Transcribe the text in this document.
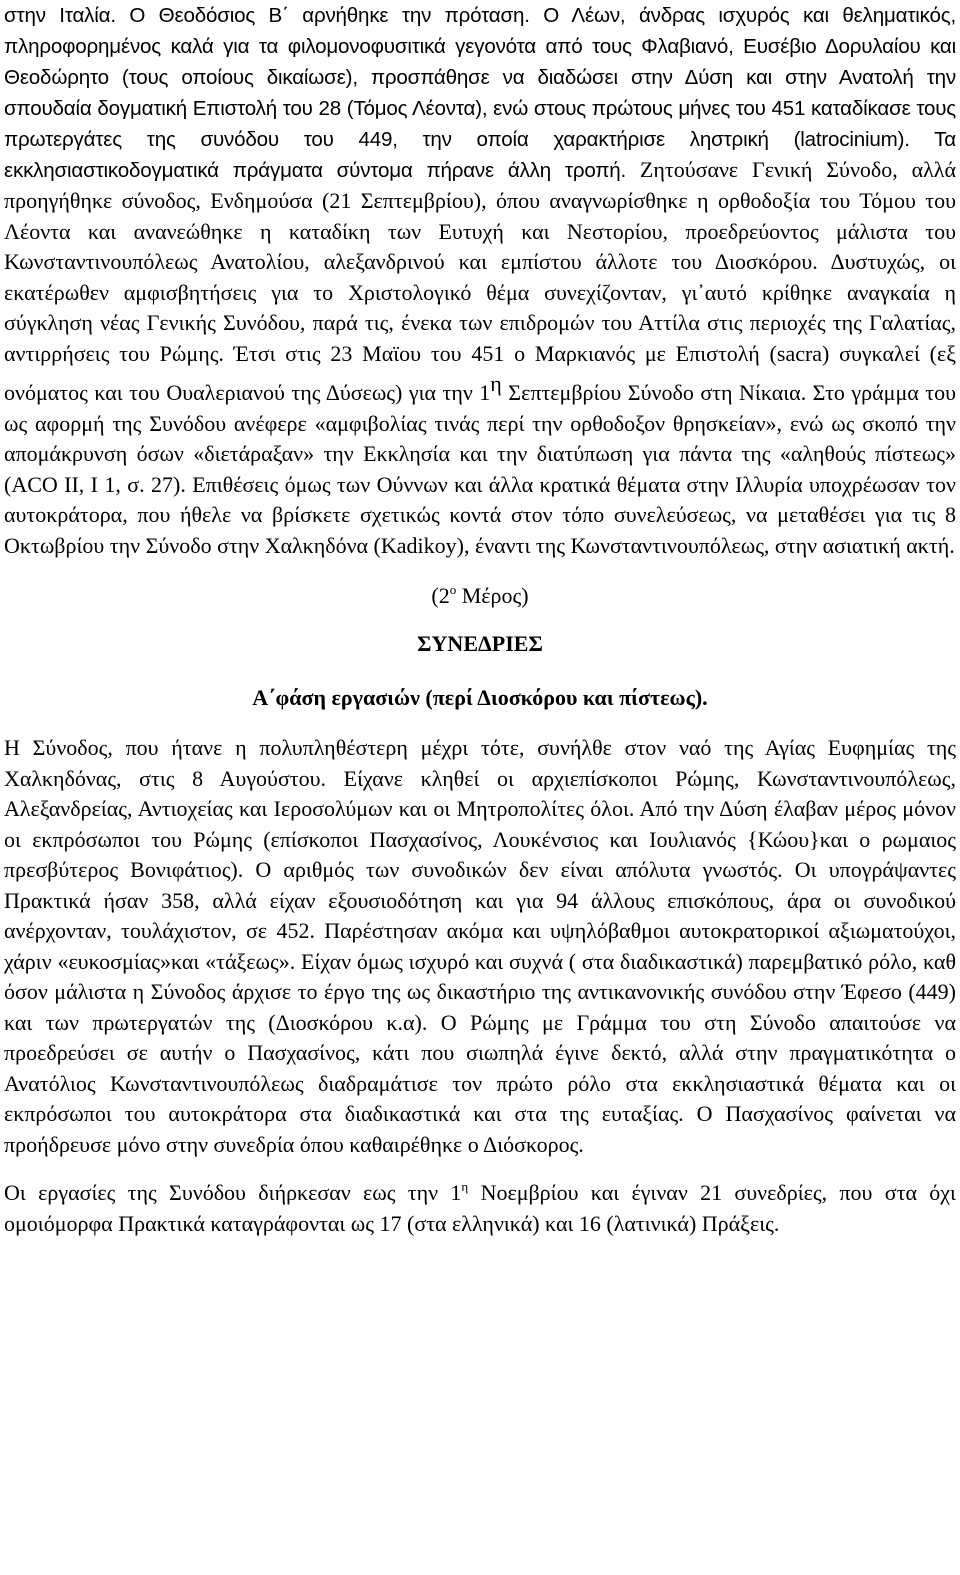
στην Ιταλία. Ο Θεοδόσιος Β΄ αρνήθηκε την πρόταση. Ο Λέων, άνδρας ισχυρός και θεληματικός, πληροφορημένος καλά για τα φιλομονοφυσιτικά γεγονότα από τους Φλαβιανό, Ευσέβιο Δορυλαίου και Θεοδώρητο (τους οποίους δικαίωσε), προσπάθησε να διαδώσει στην Δύση και στην Ανατολή την σπουδαία δογματική Επιστολή του 28 (Τόμος Λέοντα), ενώ στους πρώτους μήνες του 451 καταδίκασε τους πρωτεργάτες της συνόδου του 449, την οποία χαρακτήρισε ληστρική (latrocinium). Τα εκκλησιαστικοδογματικά πράγματα σύντομα πήρανε άλλη τροπή. Ζητούσανε Γενική Σύνοδο, αλλά προηγήθηκε σύνοδος, Ενδημούσα (21 Σεπτεμβρίου), όπου αναγνωρίσθηκε η ορθοδοξία του Τόμου του Λέοντα και ανανεώθηκε η καταδίκη των Ευτυχή και Νεστορίου, προεδρεύοντος μάλιστα του Κωνσταντινουπόλεως Ανατολίου, αλεξανδρινού και εμπίστου άλλοτε του Διοσκόρου. Δυστυχώς, οι εκατέρωθεν αμφισβητήσεις για το Χριστολογικό θέμα συνεχίζονταν, γι᾽αυτό κρίθηκε αναγκαία η σύγκληση νέας Γενικής Συνόδου, παρά τις, ένεκα των επιδρομών του Αττίλα στις περιοχές της Γαλατίας, αντιρρήσεις του Ρώμης. Έτσι στις 23 Μαϊου του 451 ο Μαρκιανός με Επιστολή (sacra) συγκαλεί (εξ ονόματος και του Ουαλεριανού της Δύσεως) για την $1^\eta$ Σεπτεμβρίου Σύνοδο στη Νίκαια. Στο γράμμα του ως αφορμή της Συνόδου ανέφερε «αμφιβολίας τινάς περί την ορθοδοξον θρησκείαν», ενώ ως σκοπό την απομάκρυνση όσων «διετάραξαν» την Εκκλησία και την διατύπωση για πάντα της «αληθούς πίστεως» (ACO II, I 1, σ. 27). Επιθέσεις όμως των Ούννων και άλλα κρατικά θέματα στην Ιλλυρία υποχρέωσαν τον αυτοκράτορα, που ήθελε να βρίσκετε σχετικώς κοντά στον τόπο συνελεύσεως, να μεταθέσει για τις 8 Οκτωβρίου την Σύνοδο στην Χαλκηδόνα (Kadikoy), έναντι της Κωνσταντινουπόλεως, στην ασιατική ακτή.

($2^o$ Μέρος)

ΣΥΝΕΔΡΙΕΣ

Α΄φάση εργασιών (περί Διοσκόρου και πίστεως).

Η Σύνοδος, που ήτανε η πολυπληθέστερη μέχρι τότε, συνήλθε στον ναό της Αγίας Ευφημίας της Χαλκηδόνας, στις 8 Αυγούστου. Είχανε κληθεί οι αρχιεπίσκοποι Ρώμης, Κωνσταντινουπόλεως, Αλεξανδρείας, Αντιοχείας και Ιεροσολύμων και οι Μητροπολίτες όλοι. Από την Δύση έλαβαν μέρος μόνον οι εκπρόσωποι του Ρώμης (επίσκοποι Πασχασίνος, Λουκένσιος και Ιουλιανός {Κώου}και ο ρωμαιος πρεσβύτερος Βονιφάτιος). Ο αριθμός των συνοδικών δεν είναι απόλυτα γνωστός. Οι υπογράψαντες Πρακτικά ήσαν 358, αλλά είχαν εξουσιοδότηση και για 94 άλλους επισκόπους, άρα οι συνοδικού ανέρχονταν, τουλάχιστον, σε 452. Παρέστησαν ακόμα και υψηλόβαθμοι αυτοκρατορικοί αξιωματούχοι, χάριν «ευκοσμίας»και «τάξεως». Είχαν όμως ισχυρό και συχνά ( στα διαδικαστικά) παρεμβατικό ρόλο, καθ όσον μάλιστα η Σύνοδος άρχισε το έργο της ως δικαστήριο της αντικανονικής συνόδου στην Έφεσο (449) και των πρωτεργατών της (Διοσκόρου κ.α). Ο Ρώμης με Γράμμα του στη Σύνοδο απαιτούσε να προεδρεύσει σε αυτήν ο Πασχασίνος, κάτι που σιωπηλά έγινε δεκτό, αλλά στην πραγματικότητα ο Ανατόλιος Κωνσταντινουπόλεως διαδραμάτισε τον πρώτο ρόλο στα εκκλησιαστικά θέματα και οι εκπρόσωποι του αυτοκράτορα στα διαδικαστικά και στα της ευταξίας. Ο Πασχασίνος φαίνεται να προήδρευσε μόνο στην συνεδρία όπου καθαιρέθηκε ο Διόσκορος.

Οι εργασίες της Συνόδου διήρκεσαν εως την $1^\eta$ Νοεμβρίου και έγιναν 21 συνεδρίες, που στα όχι ομοιόμορφα Πρακτικά καταγράφονται ως 17 (στα ελληνικά) και 16 (λατινικά) Πράξεις.
